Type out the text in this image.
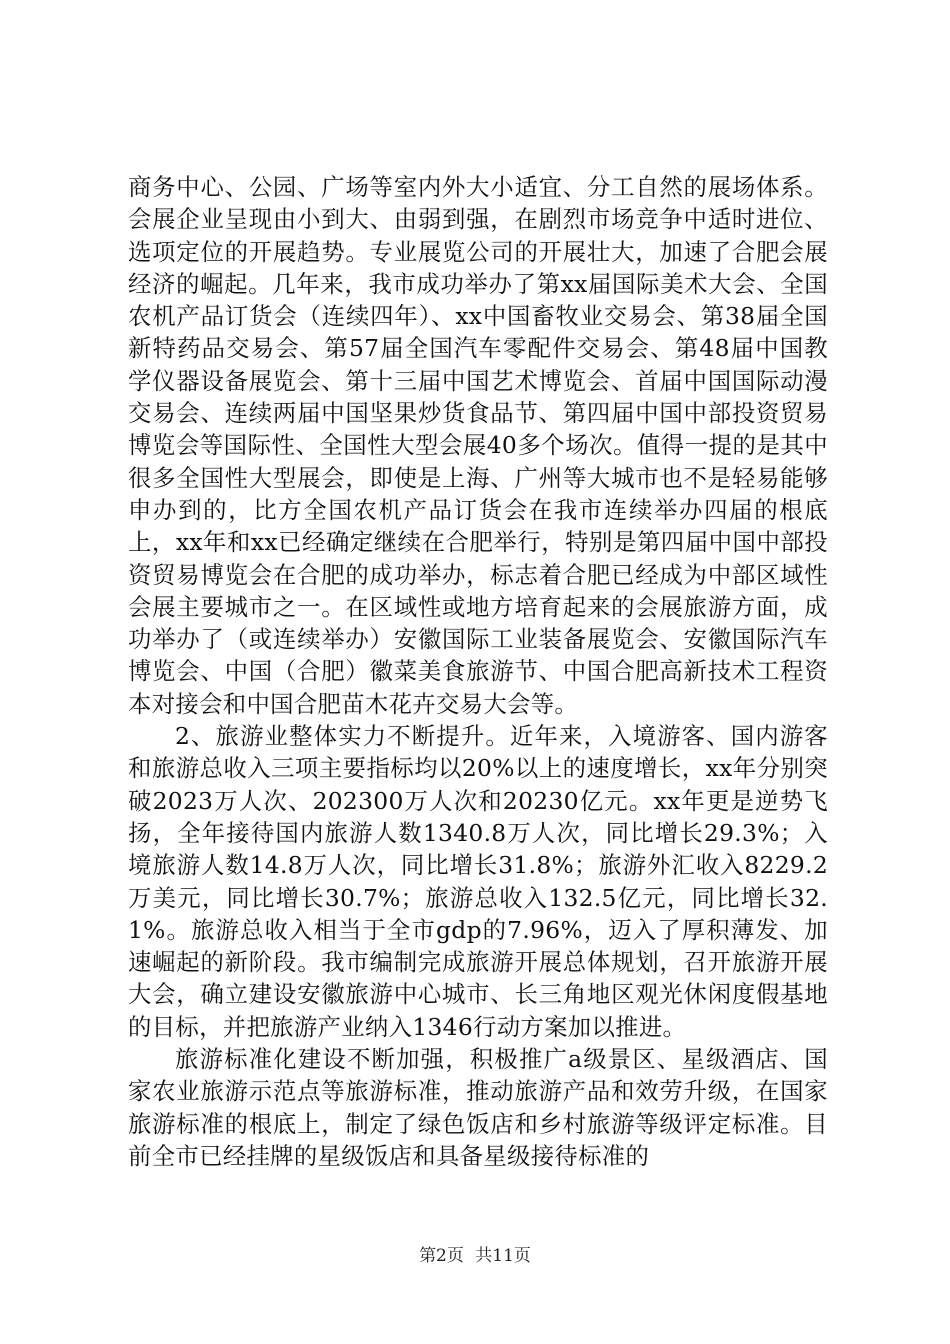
商务中心、公园、广场等室内外大小适宜、分工自然的展场体系。会展企业呈现由小到大、由弱到强，在剧烈市场竞争中适时进位、选项定位的开展趋势。专业展览公司的开展壮大，加速了合肥会展经济的崛起。几年来，我市成功举办了第xx届国际美术大会、全国农机产品订货会（连续四年）、xx中国畜牧业交易会、第38届全国新特药品交易会、第57届全国汽车零配件交易会、第48届中国教学仪器设备展览会、第十三届中国艺术博览会、首届中国国际动漫交易会、连续两届中国坚果炒货食品节、第四届中国中部投资贸易博览会等国际性、全国性大型会展40多个场次。值得一提的是其中很多全国性大型展会，即使是上海、广州等大城市也不是轻易能够申办到的，比方全国农机产品订货会在我市连续举办四届的根底上，xx年和xx已经确定继续在合肥举行，特别是第四届中国中部投资贸易博览会在合肥的成功举办，标志着合肥已经成为中部区域性会展主要城市之一。在区域性或地方培育起来的会展旅游方面，成功举办了（或连续举办）安徽国际工业装备展览会、安徽国际汽车博览会、中国（合肥）徽菜美食旅游节、中国合肥高新技术工程资本对接会和中国合肥苗木花卉交易大会等。

2、旅游业整体实力不断提升。近年来，入境游客、国内游客和旅游总收入三项主要指标均以20%以上的速度增长，xx年分别突破2023万人次、202300万人次和20230亿元。xx年更是逆势飞扬，全年接待国内旅游人数1340.8万人次，同比增长29.3%；入境旅游人数14.8万人次，同比增长31.8%；旅游外汇收入8229.2万美元，同比增长30.7%；旅游总收入132.5亿元，同比增长32.1%。旅游总收入相当于全市gdp的7.96%，迈入了厚积薄发、加速崛起的新阶段。我市编制完成旅游开展总体规划，召开旅游开展大会，确立建设安徽旅游中心城市、长三角地区观光休闲度假基地的目标，并把旅游产业纳入1346行动方案加以推进。

旅游标准化建设不断加强，积极推广a级景区、星级酒店、国家农业旅游示范点等旅游标准，推动旅游产品和效劳升级，在国家旅游标准的根底上，制定了绿色饭店和乡村旅游等级评定标准。目前全市已经挂牌的星级饭店和具备星级接待标准的

第2页 共11页
